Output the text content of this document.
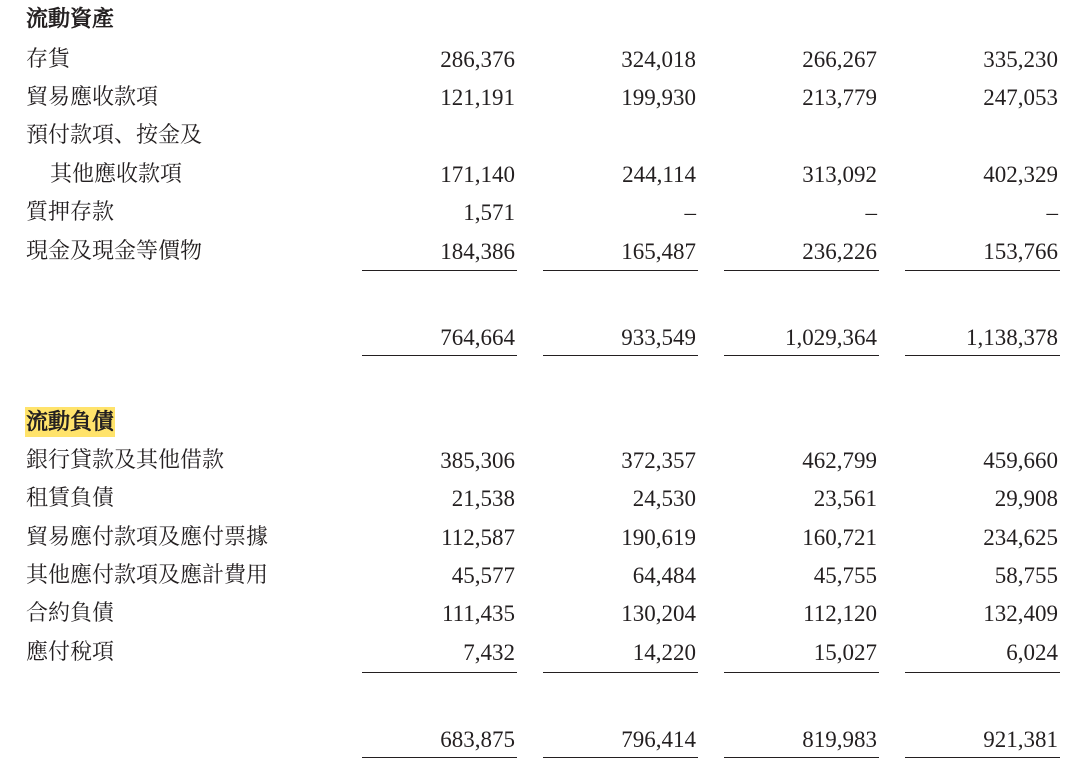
流動資產
存貨	286,376	324,018	266,267	335,230
貿易應收款項	121,191	199,930	213,779	247,053
預付款項、按金及
其他應收款項	171,140	244,114	313,092	402,329
質押存款	1,571	–	–	–
現金及現金等價物	184,386	165,487	236,226	153,766
764,664	933,549	1,029,364	1,138,378
流動負債
銀行貸款及其他借款	385,306	372,357	462,799	459,660
租賃負債	21,538	24,530	23,561	29,908
貿易應付款項及應付票據	112,587	190,619	160,721	234,625
其他應付款項及應計費用	45,577	64,484	45,755	58,755
合約負債	111,435	130,204	112,120	132,409
應付稅項	7,432	14,220	15,027	6,024
683,875	796,414	819,983	921,381
